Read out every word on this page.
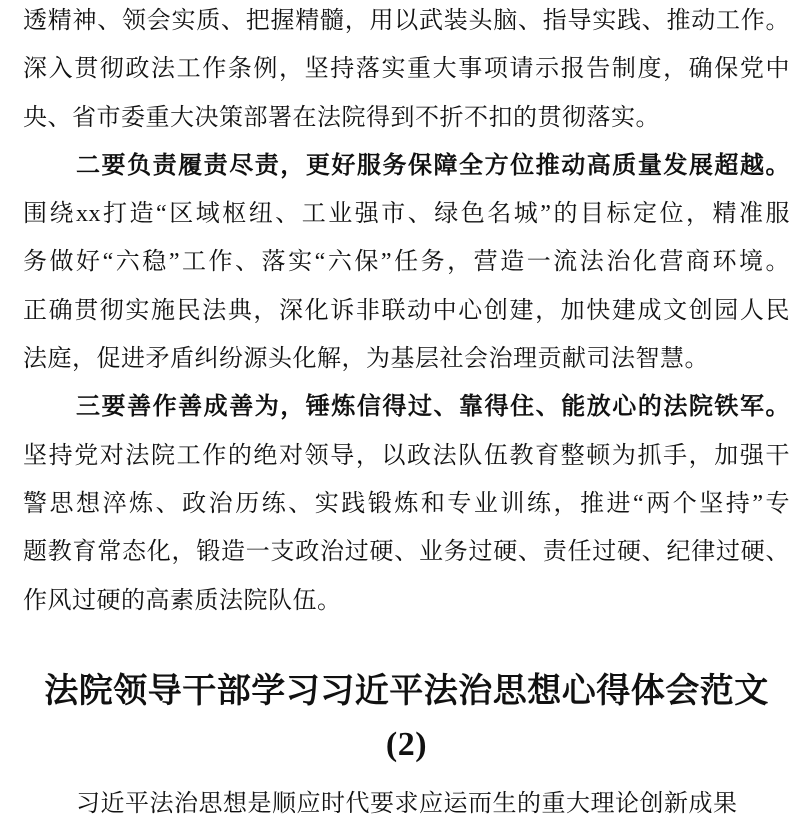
透精神、领会实质、把握精髓，用以武装头脑、指导实践、推动工作。
深入贯彻政法工作条例，坚持落实重大事项请示报告制度，确保党中
央、省市委重大决策部署在法院得到不折不扣的贯彻落实。
二要负责履责尽责，更好服务保障全方位推动高质量发展超越。
围绕xx打造“区域枢纽、工业强市、绿色名城”的目标定位，精准服
务做好“六稳”工作、落实“六保”任务，营造一流法治化营商环境。
正确贯彻实施民法典，深化诉非联动中心创建，加快建成文创园人民
法庭，促进矛盾纠纷源头化解，为基层社会治理贡献司法智慧。
三要善作善成善为，锤炼信得过、靠得住、能放心的法院铁军。
坚持党对法院工作的绝对领导，以政法队伍教育整顿为抓手，加强干
警思想淬炼、政治历练、实践锻炼和专业训练，推进“两个坚持”专
题教育常态化，锻造一支政治过硬、业务过硬、责任过硬、纪律过硬、
作风过硬的高素质法院队伍。
法院领导干部学习习近平法治思想心得体会范文
(2)
习近平法治思想是顺应时代要求应运而生的重大理论创新成果
